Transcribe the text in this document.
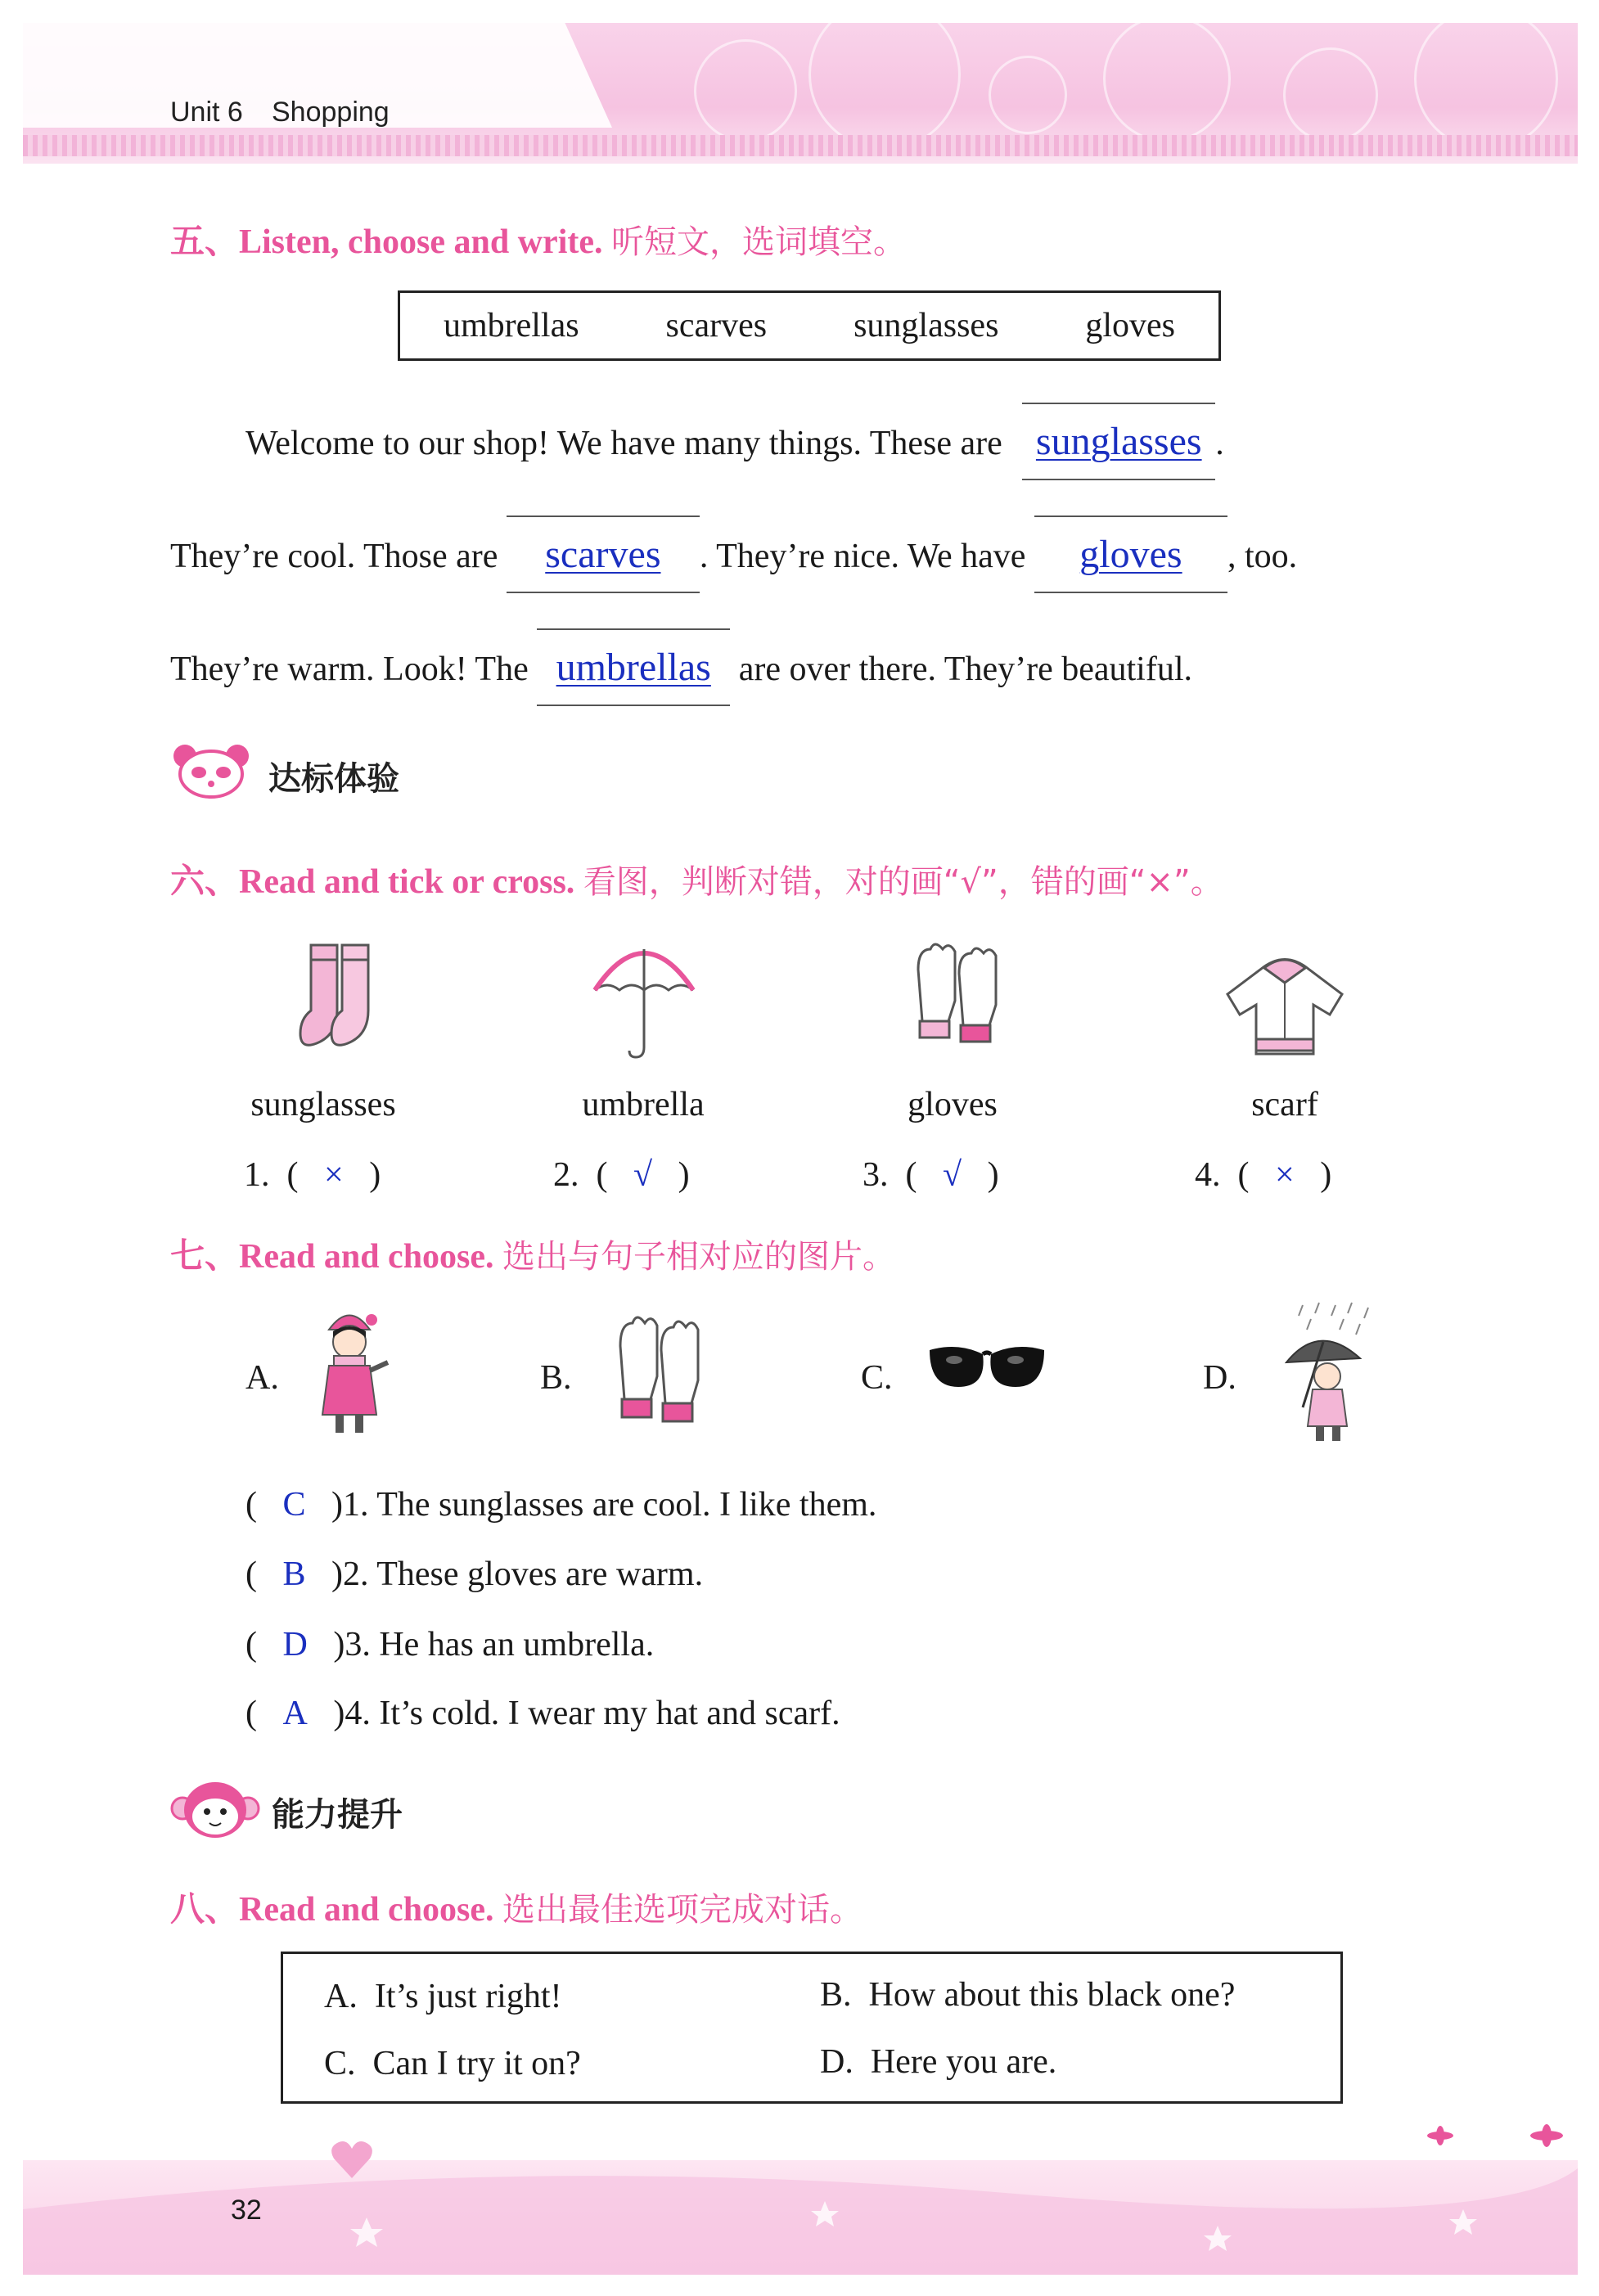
Unit 6 Shopping
五、Listen, choose and write. 听短文，选词填空。
umbrellas	scarves	sunglasses	gloves
Welcome to our shop! We have many things. These are sunglasses .
They’re cool. Those are scarves . They’re nice. We have gloves , too.
They’re warm. Look! The umbrellas are over there. They’re beautiful.
达标体验
六、Read and tick or cross. 看图，判断对错，对的画“√”，错的画“×”。
sunglasses	umbrella	gloves	scarf
1.  (   ×   )	2.  (   √   )	3.  (   √   )	4.  (   ×   )
七、Read and choose. 选出与句子相对应的图片。
A.	B.	C.	D.
(   C )1. The sunglasses are cool. I like them.
(   B )2. These gloves are warm.
(   D )3. He has an umbrella.
(   A )4. It’s cold. I wear my hat and scarf.
能力提升
八、Read and choose. 选出最佳选项完成对话。
A. It’s just right!	B. How about this black one?
C. Can I try it on?	D. Here you are.
32
